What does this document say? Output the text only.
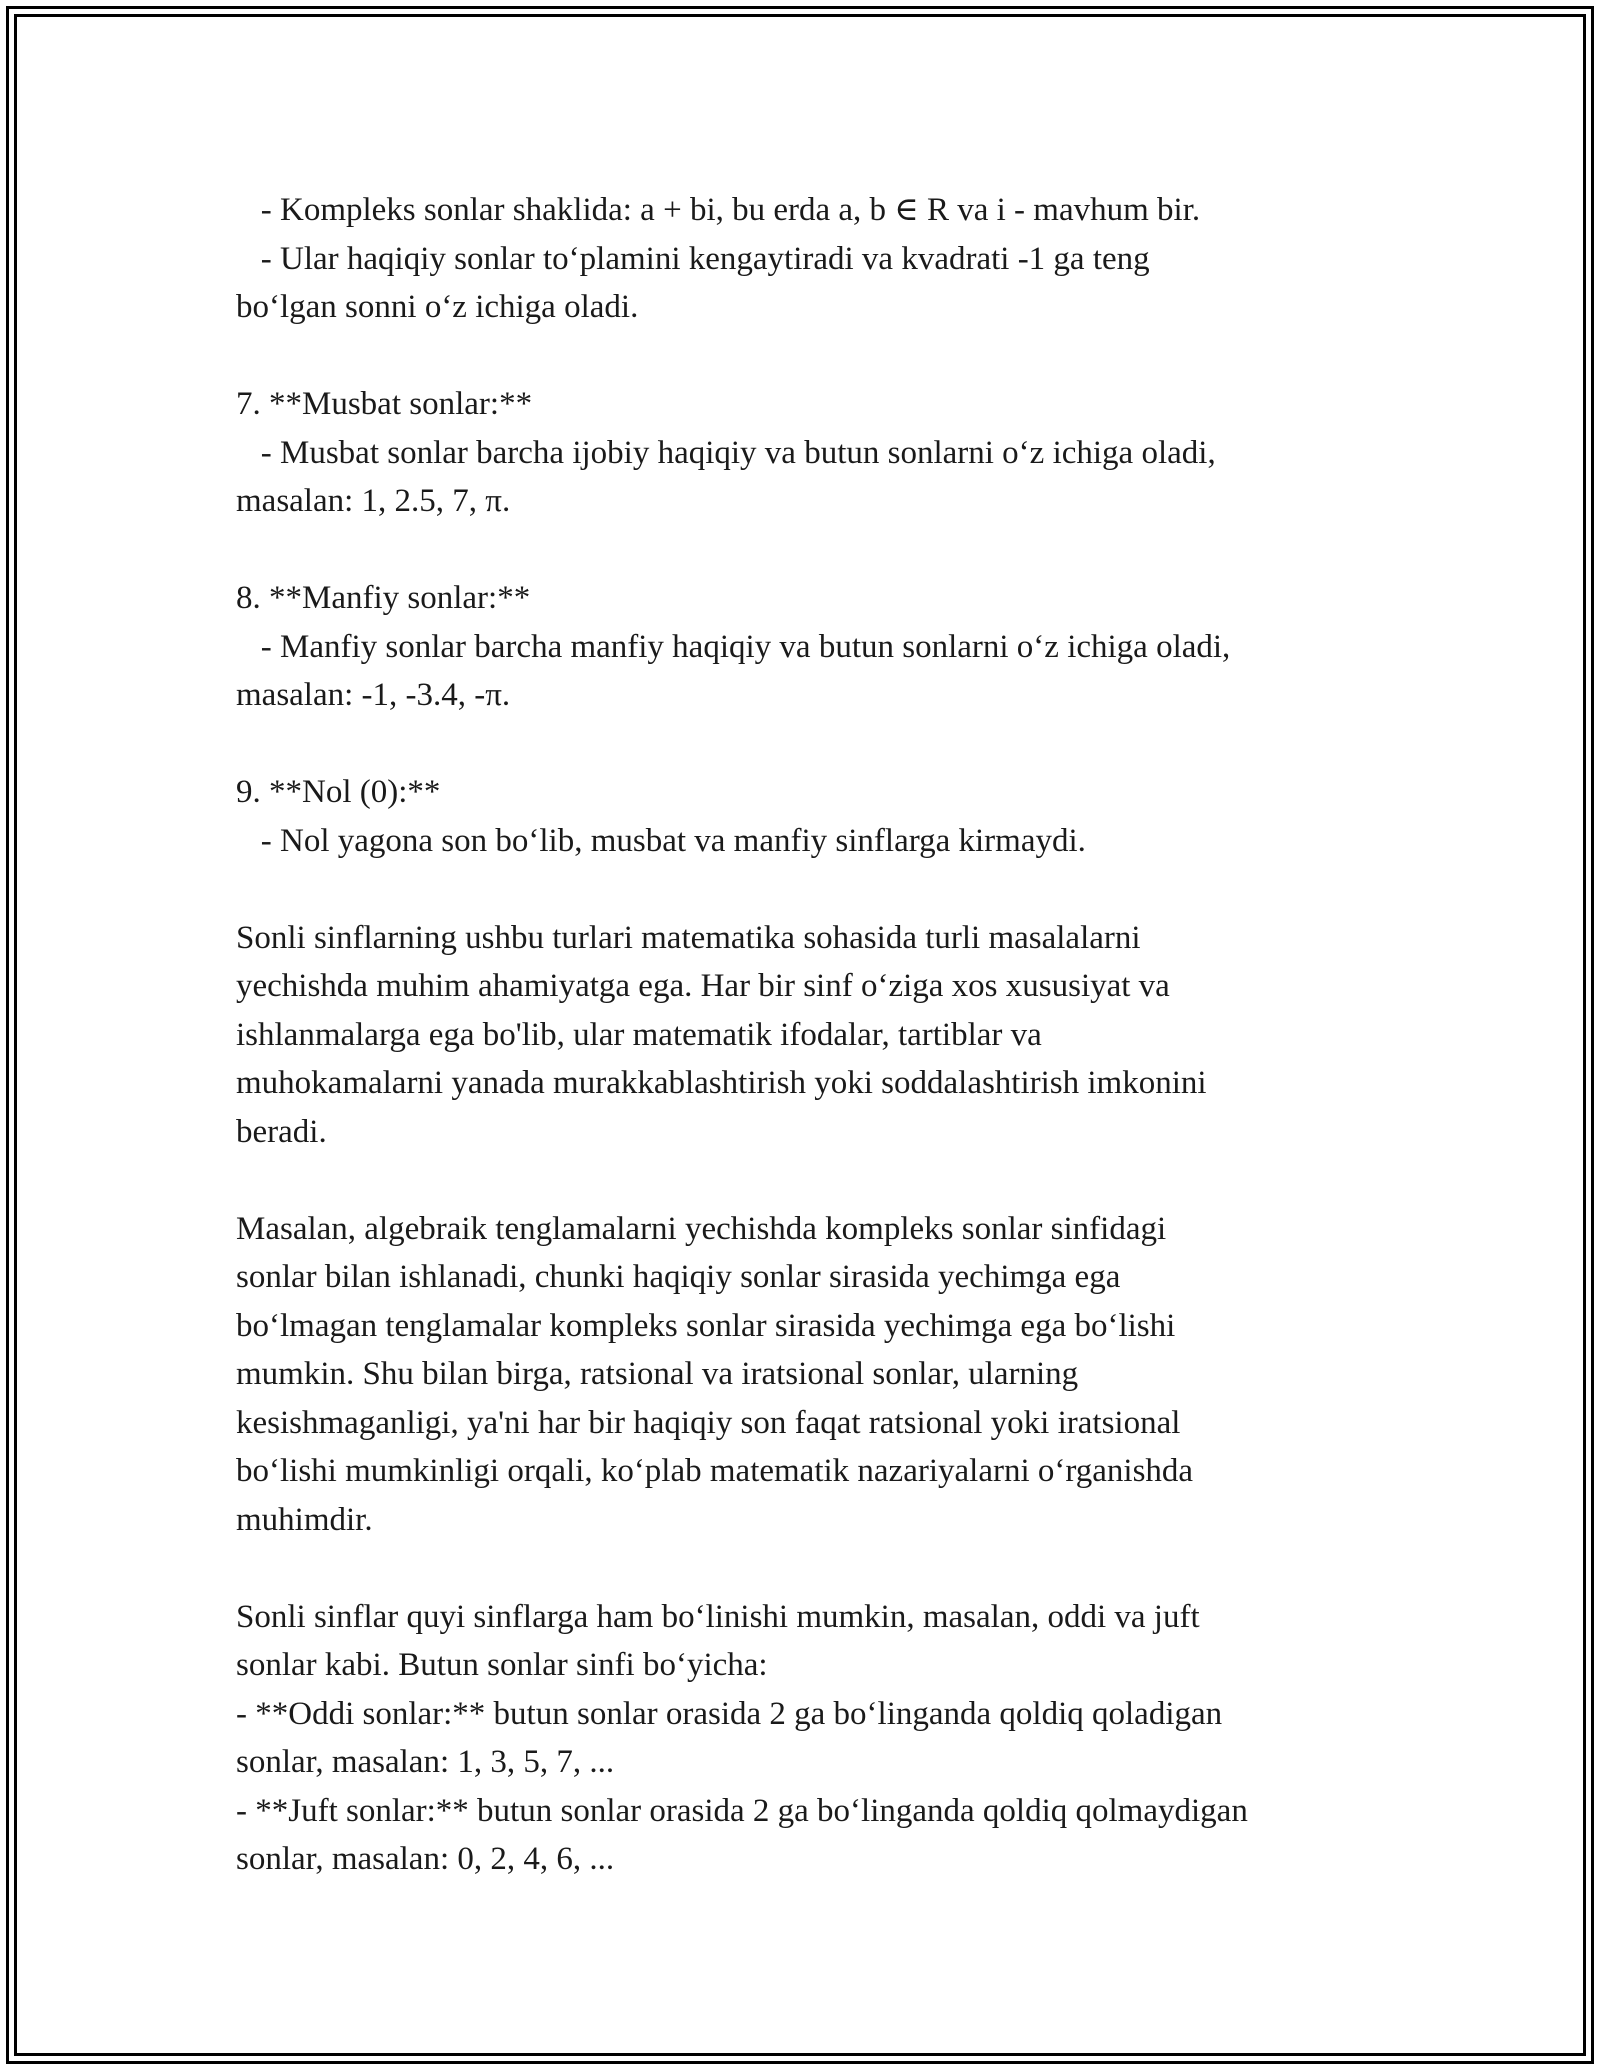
- Kompleks sonlar shaklida: a + bi, bu erda a, b ∈ R va i - mavhum bir.

- Ular haqiqiy sonlar to‘plamini kengaytiradi va kvadrati -1 ga teng

bo‘lgan sonni o‘z ichiga oladi.

7. **Musbat sonlar:**

- Musbat sonlar barcha ijobiy haqiqiy va butun sonlarni o‘z ichiga oladi,

masalan: 1, 2.5, 7, π.

8. **Manfiy sonlar:**

- Manfiy sonlar barcha manfiy haqiqiy va butun sonlarni o‘z ichiga oladi,

masalan: -1, -3.4, -π.

9. **Nol (0):**

- Nol yagona son bo‘lib, musbat va manfiy sinflarga kirmaydi.

Sonli sinflarning ushbu turlari matematika sohasida turli masalalarni

yechishda muhim ahamiyatga ega. Har bir sinf o‘ziga xos xususiyat va

ishlanmalarga ega bo'lib, ular matematik ifodalar, tartiblar va

muhokamalarni yanada murakkablashtirish yoki soddalashtirish imkonini

beradi.

Masalan, algebraik tenglamalarni yechishda kompleks sonlar sinfidagi

sonlar bilan ishlanadi, chunki haqiqiy sonlar sirasida yechimga ega

bo‘lmagan tenglamalar kompleks sonlar sirasida yechimga ega bo‘lishi

mumkin. Shu bilan birga, ratsional va iratsional sonlar, ularning

kesishmaganligi, ya'ni har bir haqiqiy son faqat ratsional yoki iratsional

bo‘lishi mumkinligi orqali, ko‘plab matematik nazariyalarni o‘rganishda

muhimdir.

Sonli sinflar quyi sinflarga ham bo‘linishi mumkin, masalan, oddi va juft

sonlar kabi. Butun sonlar sinfi bo‘yicha:

- **Oddi sonlar:** butun sonlar orasida 2 ga bo‘linganda qoldiq qoladigan

sonlar, masalan: 1, 3, 5, 7, ...

- **Juft sonlar:** butun sonlar orasida 2 ga bo‘linganda qoldiq qolmaydigan

sonlar, masalan: 0, 2, 4, 6, ...
